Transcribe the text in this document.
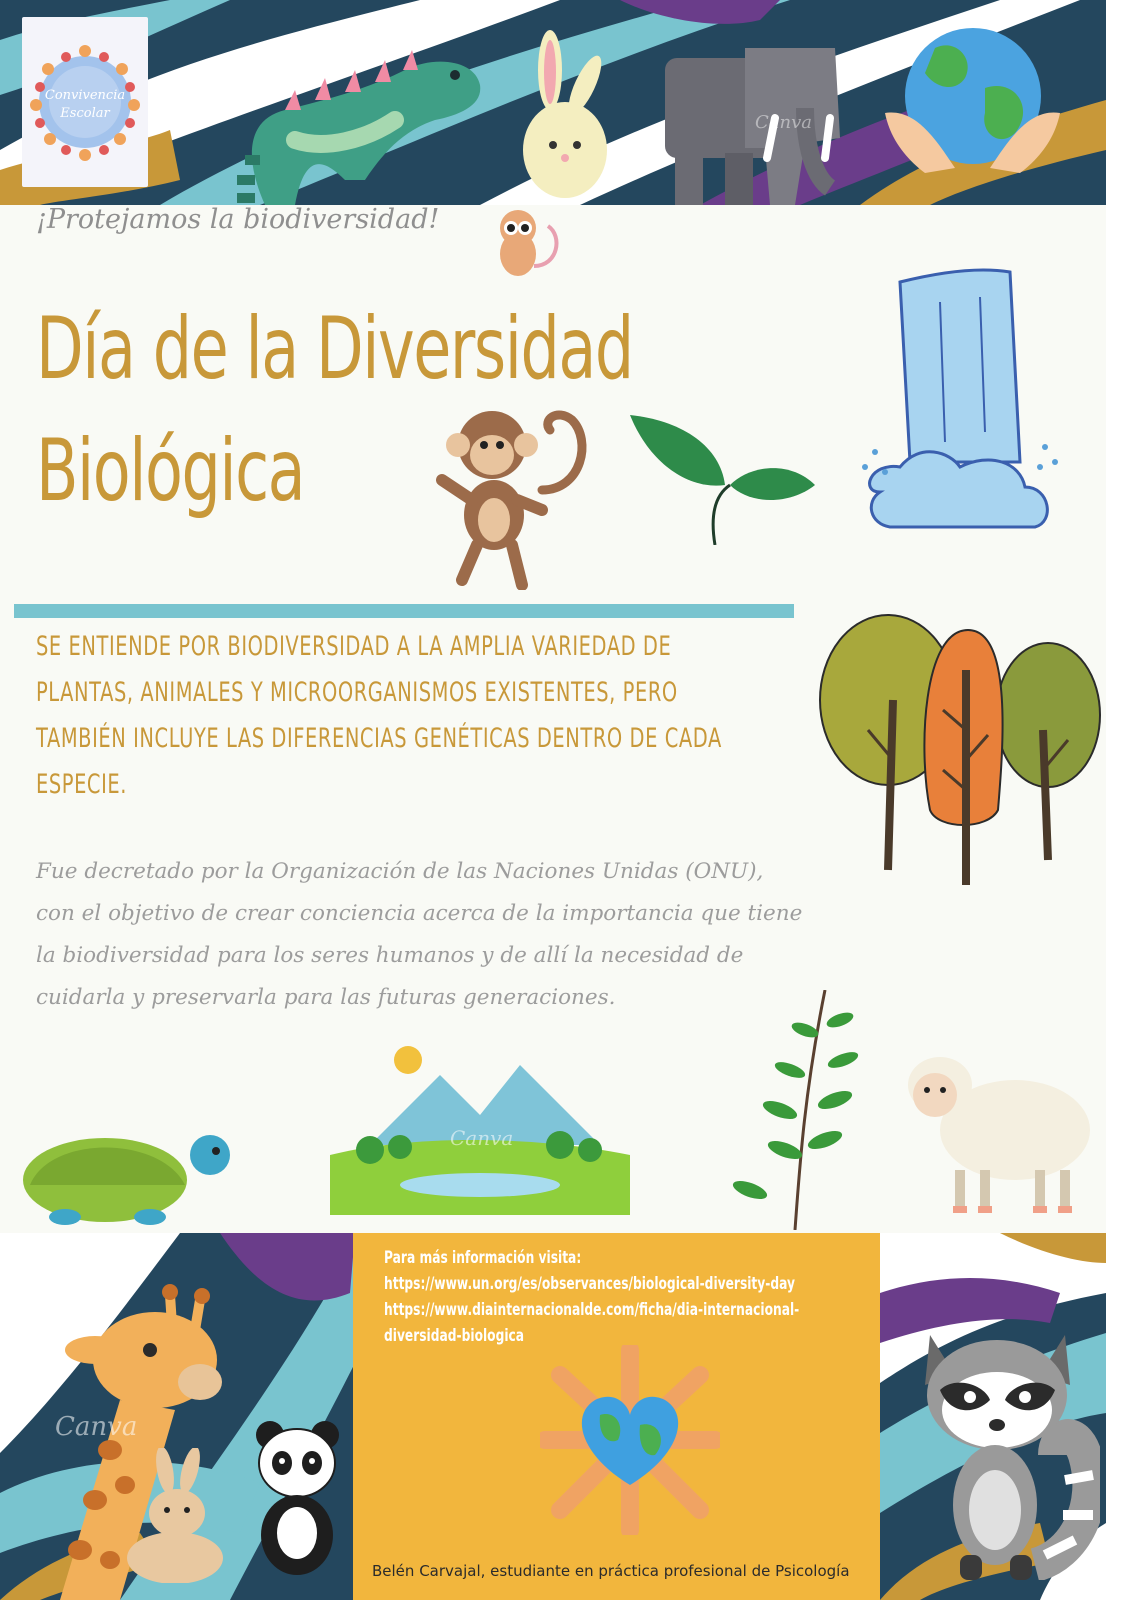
Convivencia
Escolar	Canva
¡Protejamos la biodiversidad!
Día de la Diversidad
Biológica
SE ENTIENDE POR BIODIVERSIDAD A LA AMPLIA VARIEDAD DE
PLANTAS, ANIMALES Y MICROORGANISMOS EXISTENTES, PERO
TAMBIÉN INCLUYE LAS DIFERENCIAS GENÉTICAS DENTRO DE CADA
ESPECIE.
Fue decretado por la Organización de las Naciones Unidas (ONU),
con el objetivo de crear conciencia acerca de la importancia que tiene
la biodiversidad para los seres humanos y de allí la necesidad de
cuidarla y preservarla para las futuras generaciones.
Canva
Para más información visita:
https://www.un.org/es/observances/biological-diversity-day
https://www.diainternacionalde.com/ficha/dia-internacional-
diversidad-biologica
Canva
Belén Carvajal, estudiante en práctica profesional de Psicología
